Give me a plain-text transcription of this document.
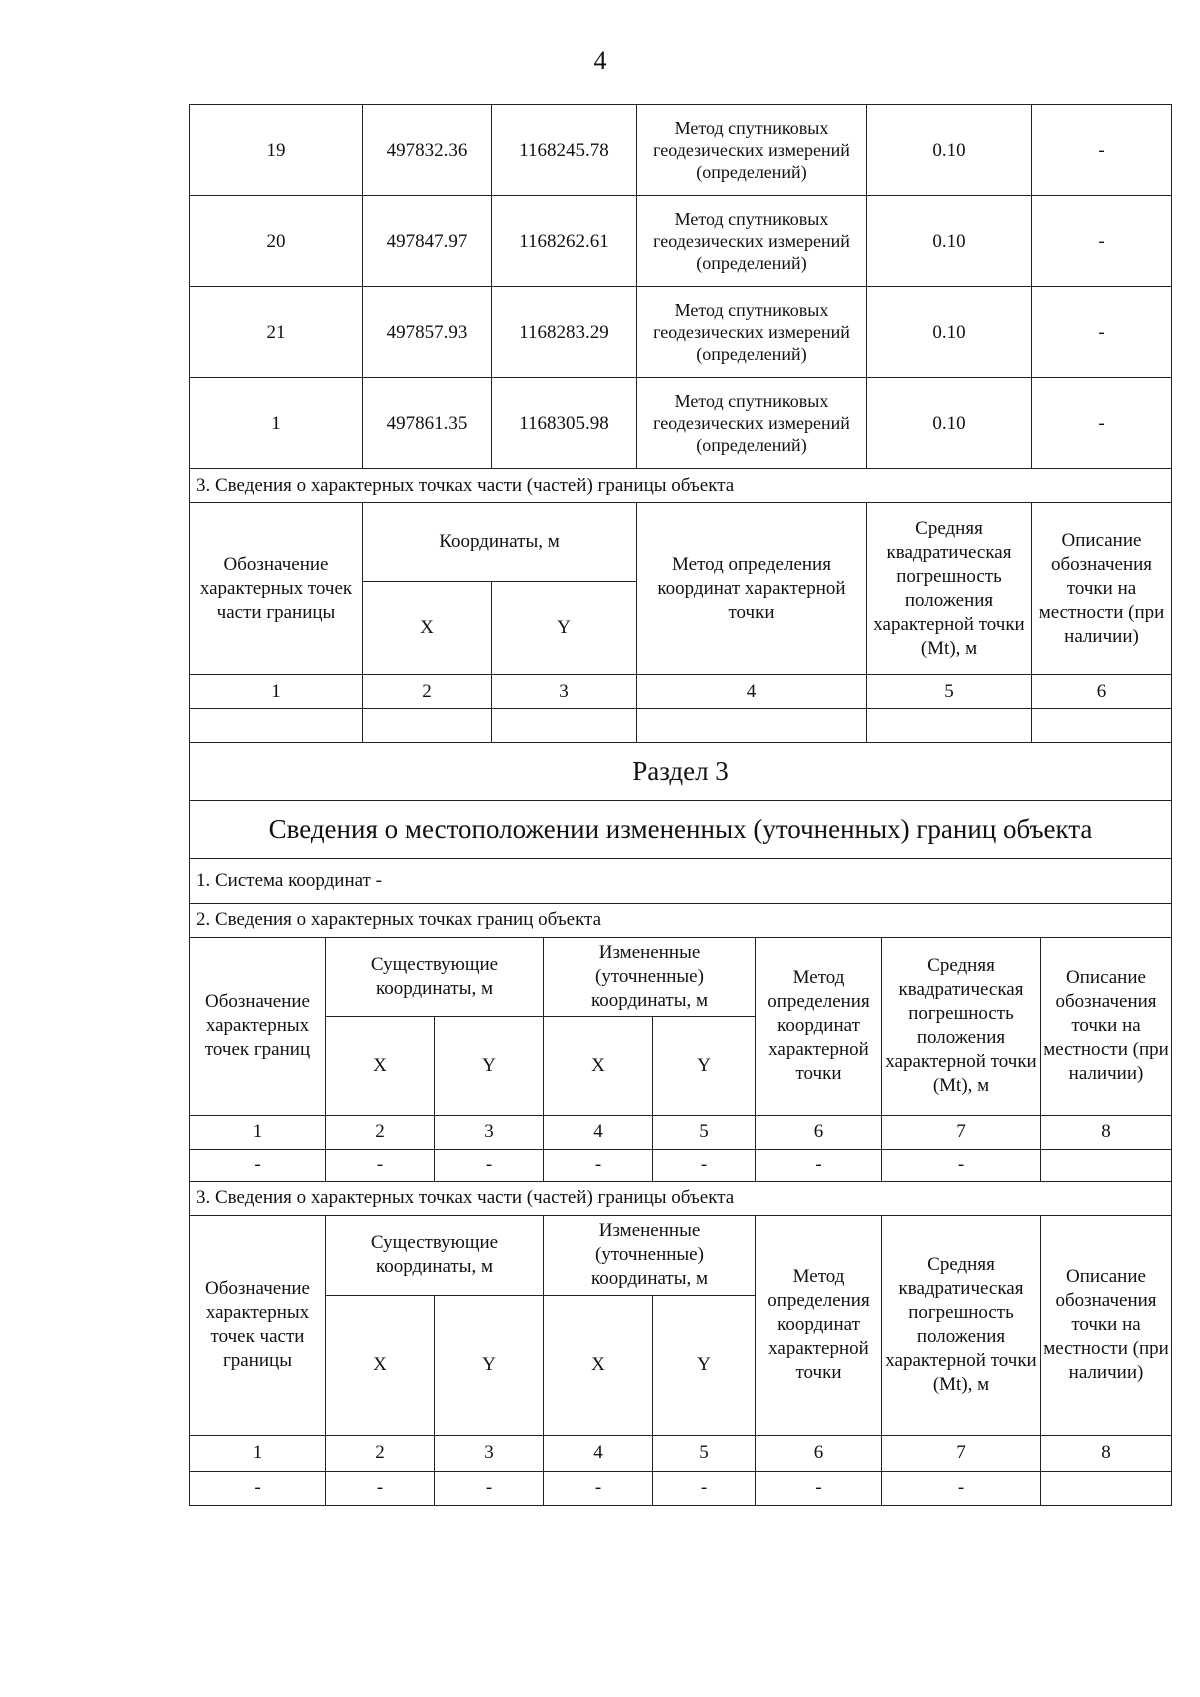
4
19	497832.36	1168245.78	Метод спутниковых геодезических измерений (определений)	0.10	-
20	497847.97	1168262.61	Метод спутниковых геодезических измерений (определений)	0.10	-
21	497857.93	1168283.29	Метод спутниковых геодезических измерений (определений)	0.10	-
1	497861.35	1168305.98	Метод спутниковых геодезических измерений (определений)	0.10	-
3. Сведения о характерных точках части (частей) границы объекта					
Обозначение характерных точек части границы	Координаты, м		Метод определения координат характерной точки	Средняя квадратическая погрешность положения характерной точки (Mt), м	Описание обозначения точки на местности (при наличии)
	X	Y			
1	2	3	4	5	6

Раздел 3							
Сведения о местоположении измененных (уточненных) границ объекта							
1. Система координат -							
2. Сведения о характерных точках границ объекта							
Обозначение характерных точек границ	Существующие координаты, м		Измененные (уточненные) координаты, м		Метод определения координат характерной точки	Средняя квадратическая погрешность положения характерной точки (Mt), м	Описание обозначения точки на местности (при наличии)
	X	Y	X	Y			
1	2	3	4	5	6	7	8
-	-	-	-	-	-	-	
3. Сведения о характерных точках части (частей) границы объекта							
Обозначение характерных точек части границы	Существующие координаты, м		Измененные (уточненные) координаты, м		Метод определения координат характерной точки	Средняя квадратическая погрешность положения характерной точки (Mt), м	Описание обозначения точки на местности (при наличии)
	X	Y	X	Y			
1	2	3	4	5	6	7	8
-	-	-	-	-	-	-	
